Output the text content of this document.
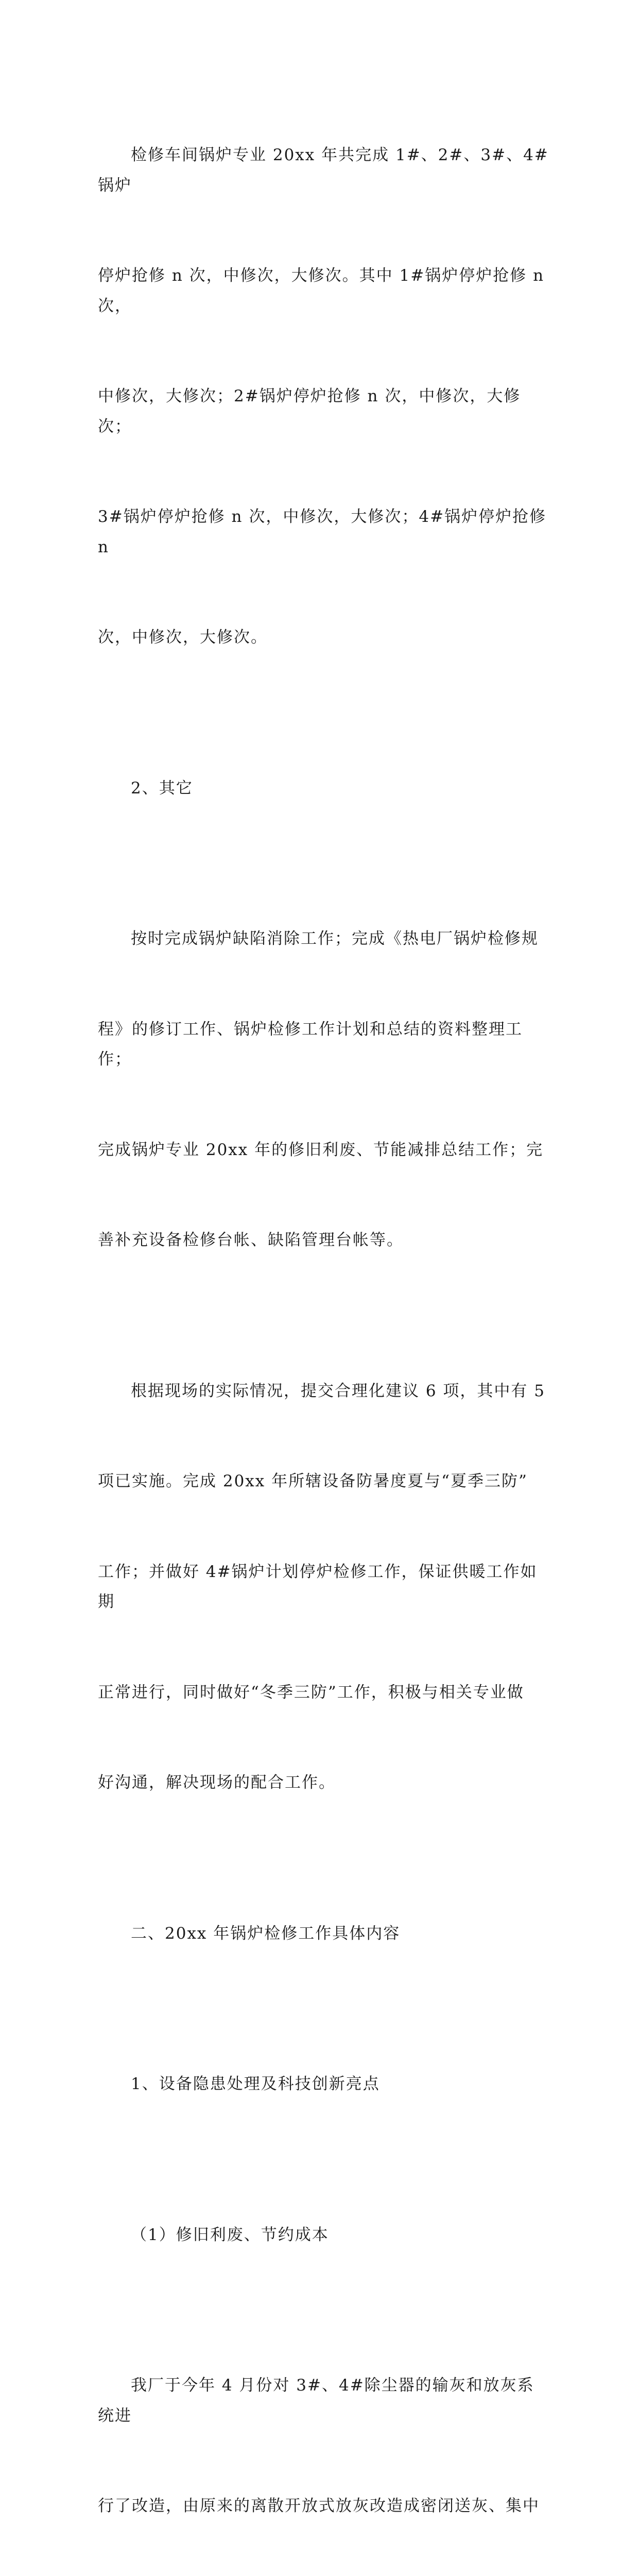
检修车间锅炉专业 20xx 年共完成 1#、2#、3#、4#锅炉

停炉抢修 n 次，中修次，大修次。其中 1#锅炉停炉抢修 n 次，

中修次，大修次；2#锅炉停炉抢修 n 次，中修次，大修次；

3#锅炉停炉抢修 n 次，中修次，大修次；4#锅炉停炉抢修 n

次，中修次，大修次。

2、其它

按时完成锅炉缺陷消除工作；完成《热电厂锅炉检修规

程》的修订工作、锅炉检修工作计划和总结的资料整理工作；

完成锅炉专业 20xx 年的修旧利废、节能减排总结工作；完

善补充设备检修台帐、缺陷管理台帐等。

根据现场的实际情况，提交合理化建议 6 项，其中有 5

项已实施。完成 20xx 年所辖设备防暑度夏与“夏季三防”

工作；并做好 4#锅炉计划停炉检修工作，保证供暖工作如期

正常进行，同时做好“冬季三防”工作，积极与相关专业做

好沟通，解决现场的配合工作。

二、20xx 年锅炉检修工作具体内容

1、设备隐患处理及科技创新亮点

（1）修旧利废、节约成本

我厂于今年 4 月份对 3#、4#除尘器的输灰和放灰系统进

行了改造，由原来的离散开放式放灰改造成密闭送灰、集中
